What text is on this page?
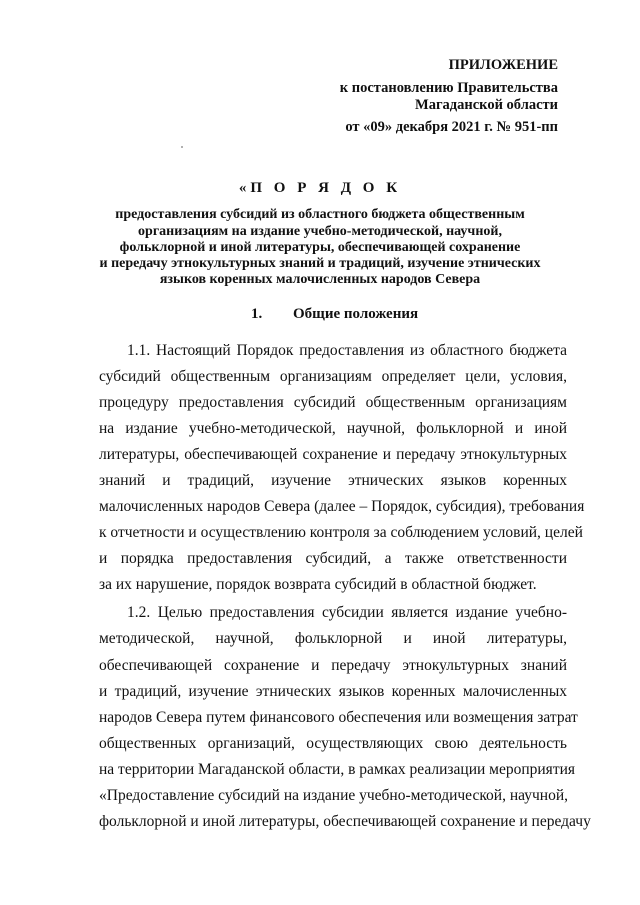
ПРИЛОЖЕНИЕ
к постановлению Правительства
Магаданской области
от «09» декабря 2021 г. № 951-пп
«П О Р Я Д О К
предоставления субсидий из областного бюджета общественным
организациям на издание учебно-методической, научной,
фольклорной и иной литературы, обеспечивающей сохранение
и передачу этнокультурных знаний и традиций, изучение этнических
языков коренных малочисленных народов Севера
1. Общие положения
1.1. Настоящий Порядок предоставления из областного бюджета
субсидий общественным организациям определяет цели, условия,
процедуру предоставления субсидий общественным организациям
на издание учебно-методической, научной, фольклорной и иной
литературы, обеспечивающей сохранение и передачу этнокультурных
знаний и традиций, изучение этнических языков коренных
малочисленных народов Севера (далее – Порядок, субсидия), требования
к отчетности и осуществлению контроля за соблюдением условий, целей
и порядка предоставления субсидий, а также ответственности
за их нарушение, порядок возврата субсидий в областной бюджет.
1.2. Целью предоставления субсидии является издание учебно-
методической, научной, фольклорной и иной литературы,
обеспечивающей сохранение и передачу этнокультурных знаний
и традиций, изучение этнических языков коренных малочисленных
народов Севера путем финансового обеспечения или возмещения затрат
общественных организаций, осуществляющих свою деятельность
на территории Магаданской области, в рамках реализации мероприятия
«Предоставление субсидий на издание учебно-методической, научной,
фольклорной и иной литературы, обеспечивающей сохранение и передачу
